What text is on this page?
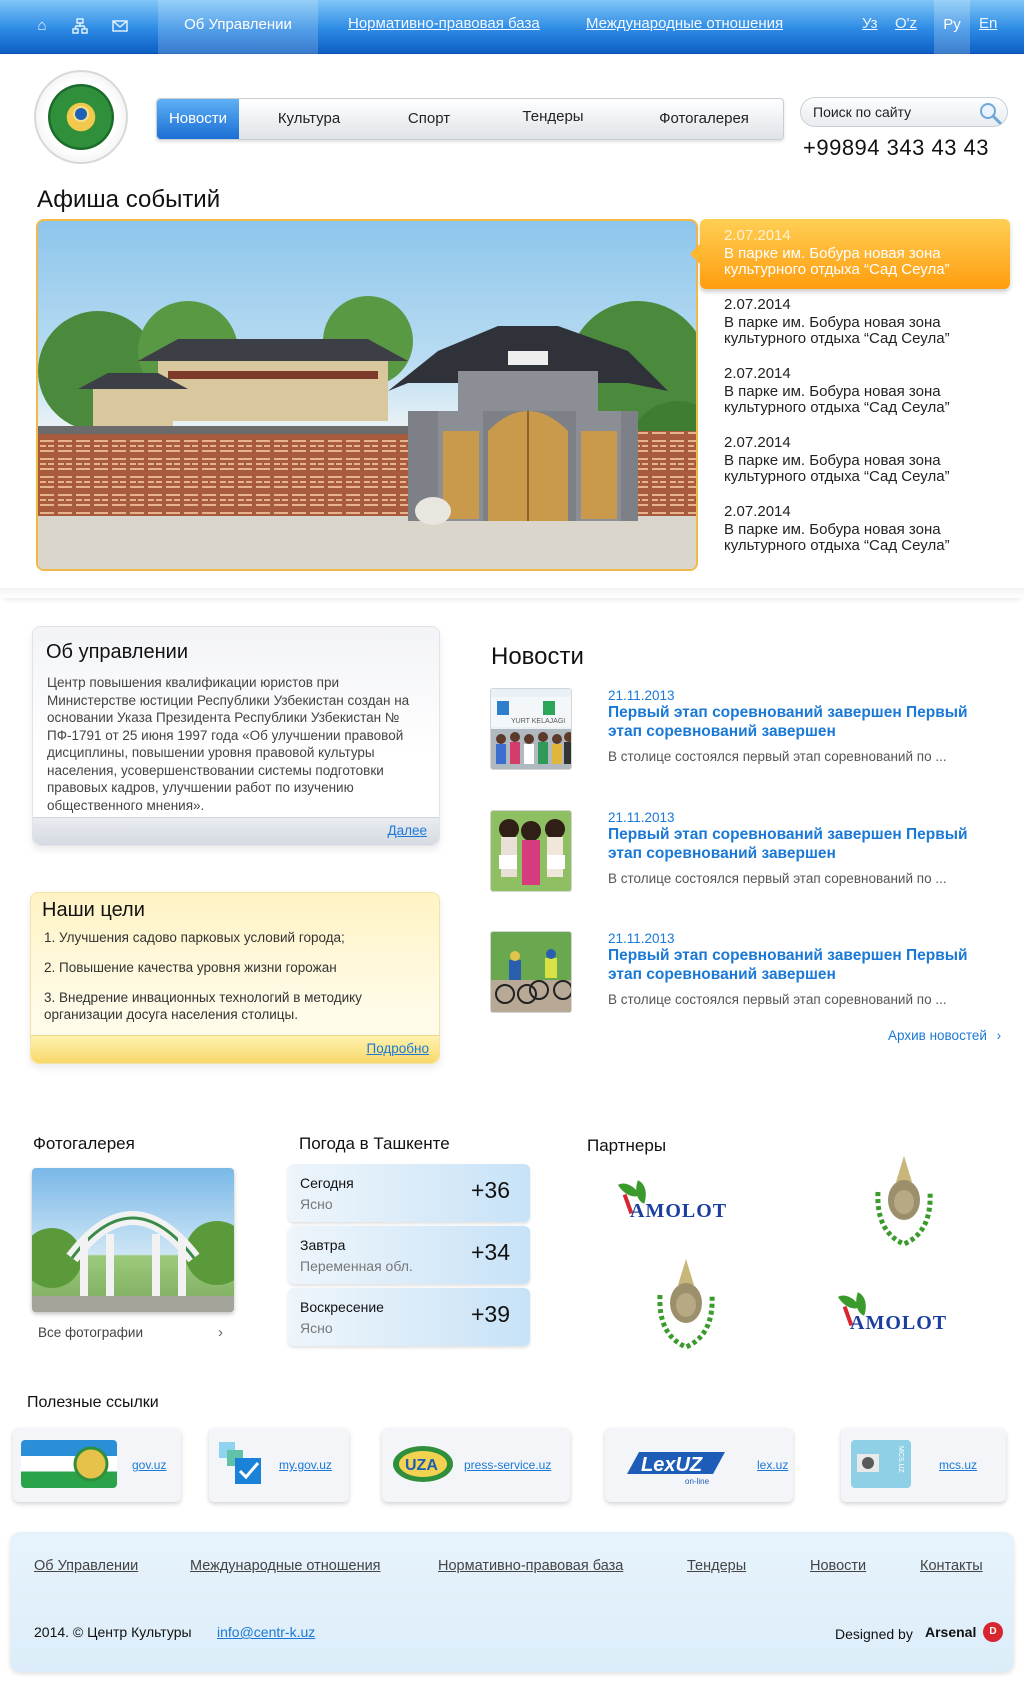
⌂	Об Управлении	Нормативно-правовая база	Международные отношения	Уз O'z	Ру	En
Новости	Культура	Спорт	Тендеры	Фотогалерея
Поиск по сайту
+99894 343 43 43
Афиша событий
2.07.2014
В парке им. Бобура новая зона культурного отдыха “Сад Сеула”
2.07.2014
В парке им. Бобура новая зона культурного отдыха “Сад Сеула”
2.07.2014
В парке им. Бобура новая зона культурного отдыха “Сад Сеула”
2.07.2014
В парке им. Бобура новая зона культурного отдыха “Сад Сеула”
2.07.2014
В парке им. Бобура новая зона культурного отдыха “Сад Сеула”
Об управлении
Центр повышения квалификации юристов при Министерстве юстиции Республики Узбекистан создан на основании Указа Президента Республики Узбекистан № ПФ-1791 от 25 июня 1997 года «Об улучшении правовой дисциплины, повышении уровня правовой культуры населения, усовершенствовании системы подготовки правовых кадров, улучшении работ по изучению общественного мнения».
Далее
Наши цели
1. Улучшения садово парковых условий города;
2. Повышение качества уровня жизни горожан
3. Внедрение инвационных технологий в методику организации досуга населения столицы.
Подробно
Новости
YURT KELAJAGI
21.11.2013
Первый этап соревнований завершен Первый этап соревнований завершен
В столице состоялся первый этап соревнований по ...
21.11.2013
Первый этап соревнований завершен Первый этап соревнований завершен
В столице состоялся первый этап соревнований по ...
21.11.2013
Первый этап соревнований завершен Первый этап соревнований завершен
В столице состоялся первый этап соревнований по ...
Архив новостей ›
Фотогалерея
Все фотографии	›
Погода в Ташкенте
Сегодня
Ясно
+36
Завтра
Переменная обл.
+34
Воскресение
Ясно
+39
Партнеры
AMOLOT
AMOLOT
Полезные ссылки
gov.uz	my.gov.uz	UZA press-service.uz	LexUZ
on-line
lex.uz	MCS.UZ	mcs.uz
Об Управлении	Международные отношения	Нормативно-правовая база	Тендеры	Новости	Контакты
2014. © Центр Культуры info@centr-k.uz	Designed by Arsenal	D
